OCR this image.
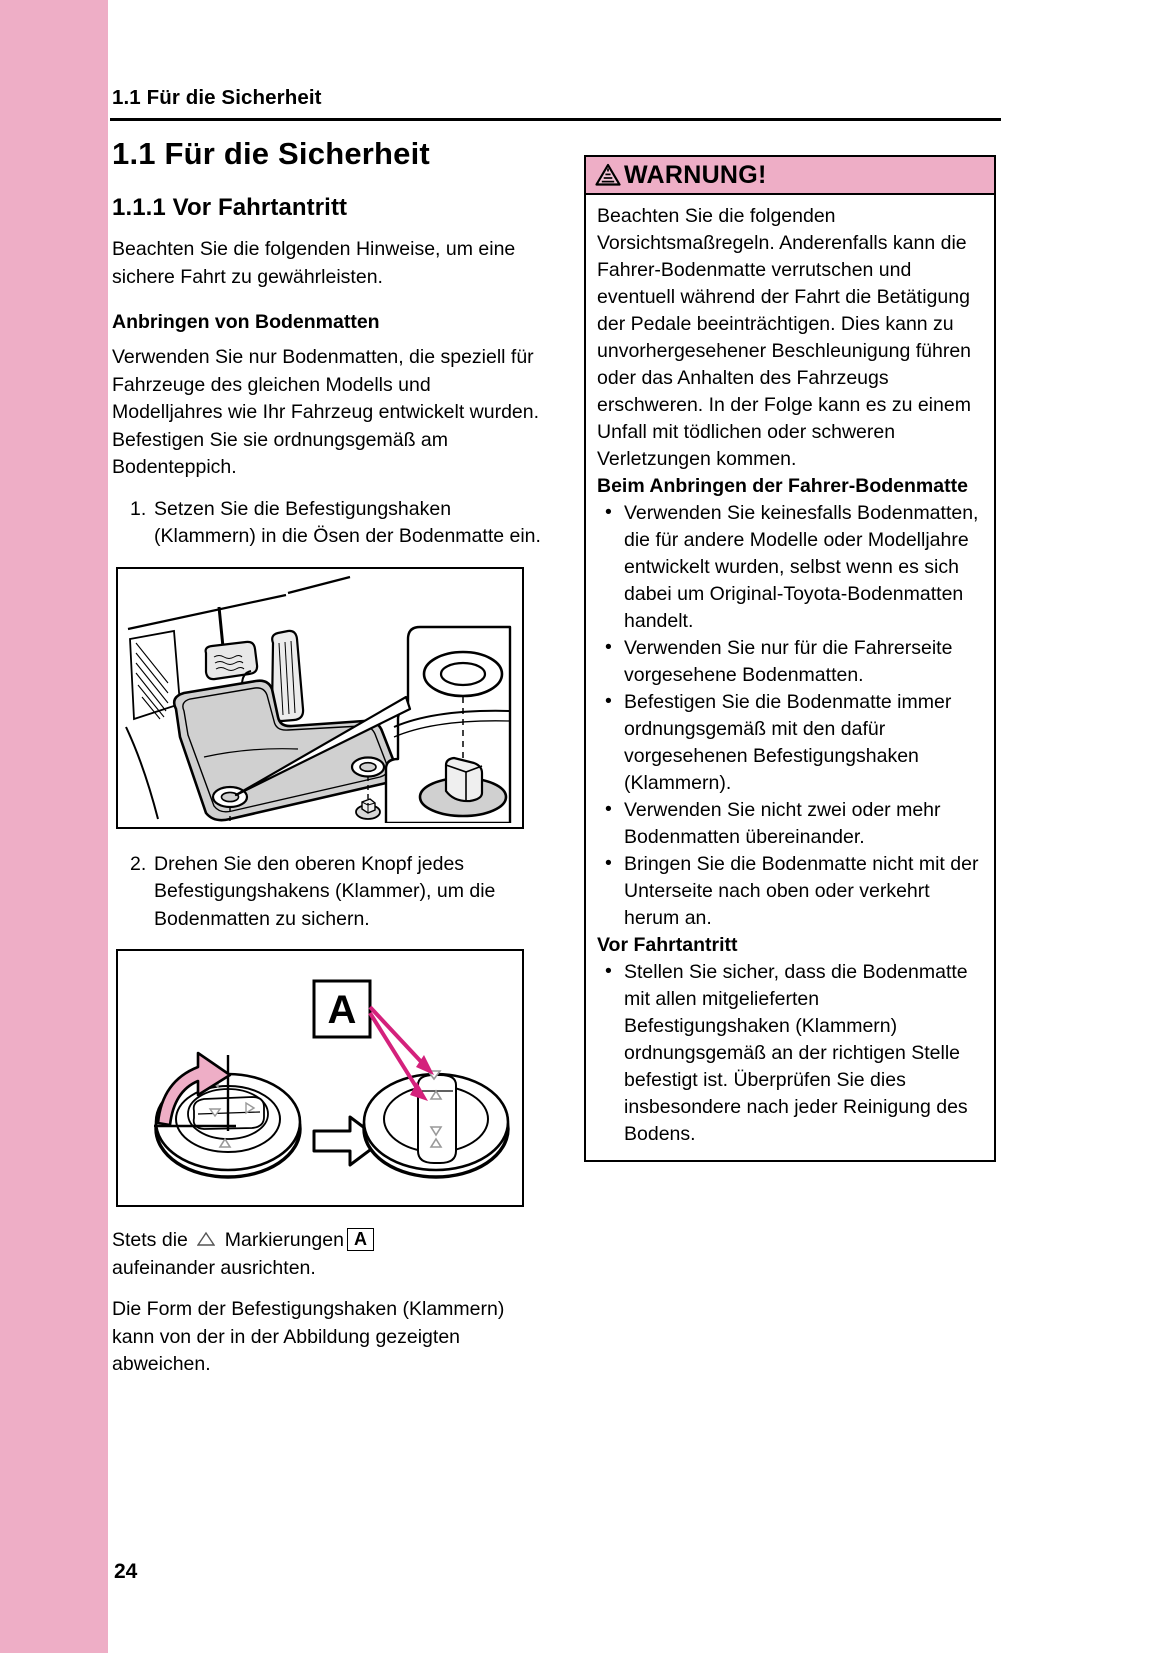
1.1 Für die Sicherheit
1.1 Für die Sicherheit
1.1.1 Vor Fahrtantritt

Beachten Sie die folgenden Hinweise, um eine sichere Fahrt zu gewährleisten.

Anbringen von Bodenmatten

Verwenden Sie nur Bodenmatten, die speziell für Fahrzeuge des gleichen Modells und Modelljahres wie Ihr Fahrzeug entwickelt wurden. Befestigen Sie sie ordnungsgemäß am Bodenteppich.

1. Setzen Sie die Befestigungshaken (Klammern) in die Ösen der Bodenmatte ein.
2. Drehen Sie den oberen Knopf jedes Befestigungshakens (Klammer), um die Bodenmatten zu sichern.
A

Stets die Markierungen A
aufeinander ausrichten.

Die Form der Befestigungshaken (Klammern) kann von der in der Abbildung gezeigten abweichen.

WARNUNG!

Beachten Sie die folgenden Vorsichtsmaßregeln. Anderenfalls kann die Fahrer-Bodenmatte verrutschen und eventuell während der Fahrt die Betätigung der Pedale beeinträchtigen. Dies kann zu unvorhergesehener Beschleunigung führen oder das Anhalten des Fahrzeugs erschweren. In der Folge kann es zu einem Unfall mit tödlichen oder schweren Verletzungen kommen.

Beim Anbringen der Fahrer-Bodenmatte

• Verwenden Sie keinesfalls Bodenmatten, die für andere Modelle oder Modelljahre entwickelt wurden, selbst wenn es sich dabei um Original-Toyota-Bodenmatten handelt.
• Verwenden Sie nur für die Fahrerseite vorgesehene Bodenmatten.
• Befestigen Sie die Bodenmatte immer ordnungsgemäß mit den dafür vorgesehenen Befestigungshaken (Klammern).
• Verwenden Sie nicht zwei oder mehr Bodenmatten übereinander.
• Bringen Sie die Bodenmatte nicht mit der Unterseite nach oben oder verkehrt herum an.

Vor Fahrtantritt

• Stellen Sie sicher, dass die Bodenmatte mit allen mitgelieferten Befestigungshaken (Klammern) ordnungsgemäß an der richtigen Stelle befestigt ist. Überprüfen Sie dies insbesondere nach jeder Reinigung des Bodens.
24
